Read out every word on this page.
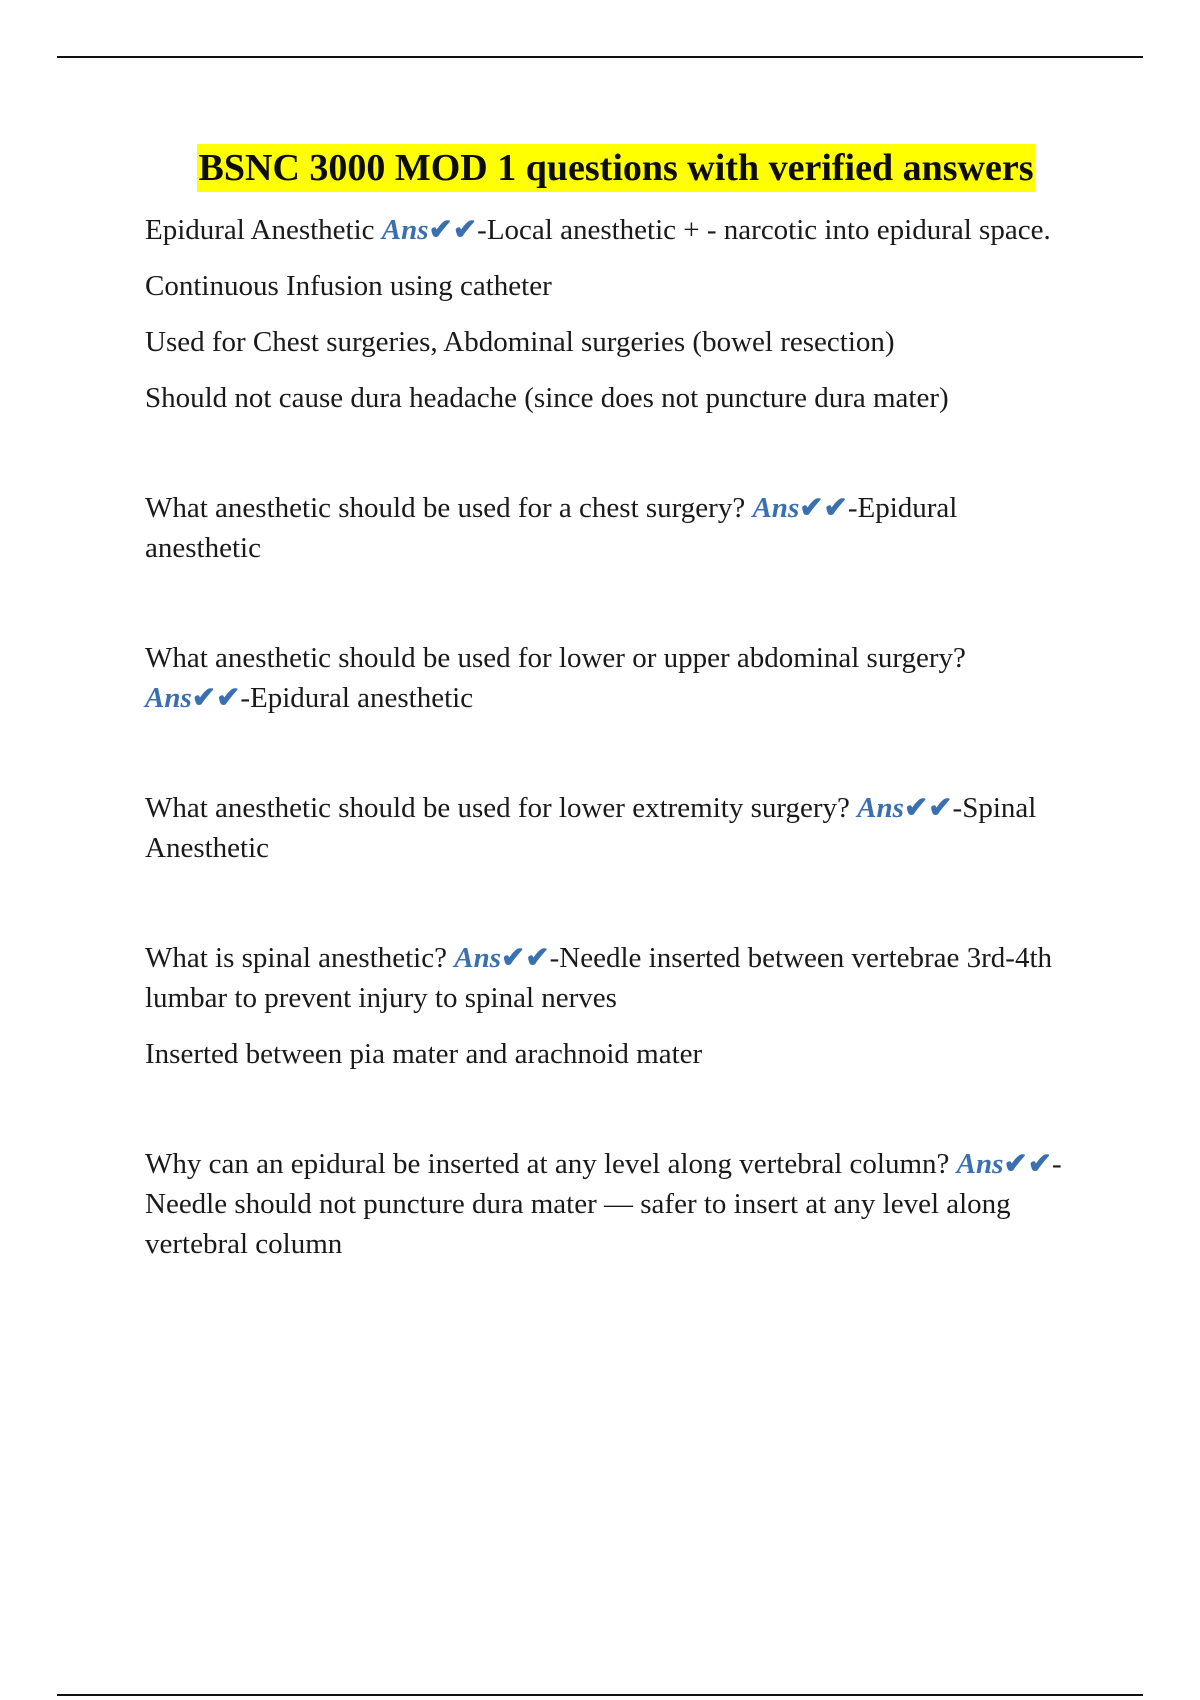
BSNC 3000 MOD 1 questions with verified answers

Epidural Anesthetic Ans✔✔-Local anesthetic + - narcotic into epidural space.

Continuous Infusion using catheter

Used for Chest surgeries, Abdominal surgeries (bowel resection)

Should not cause dura headache (since does not puncture dura mater)

What anesthetic should be used for a chest surgery? Ans✔✔-Epidural anesthetic

What anesthetic should be used for lower or upper abdominal surgery? Ans✔✔-Epidural anesthetic

What anesthetic should be used for lower extremity surgery? Ans✔✔-Spinal Anesthetic

What is spinal anesthetic? Ans✔✔-Needle inserted between vertebrae 3rd-4th lumbar to prevent injury to spinal nerves

Inserted between pia mater and arachnoid mater

Why can an epidural be inserted at any level along vertebral column? Ans✔✔-Needle should not puncture dura mater — safer to insert at any level along vertebral column
